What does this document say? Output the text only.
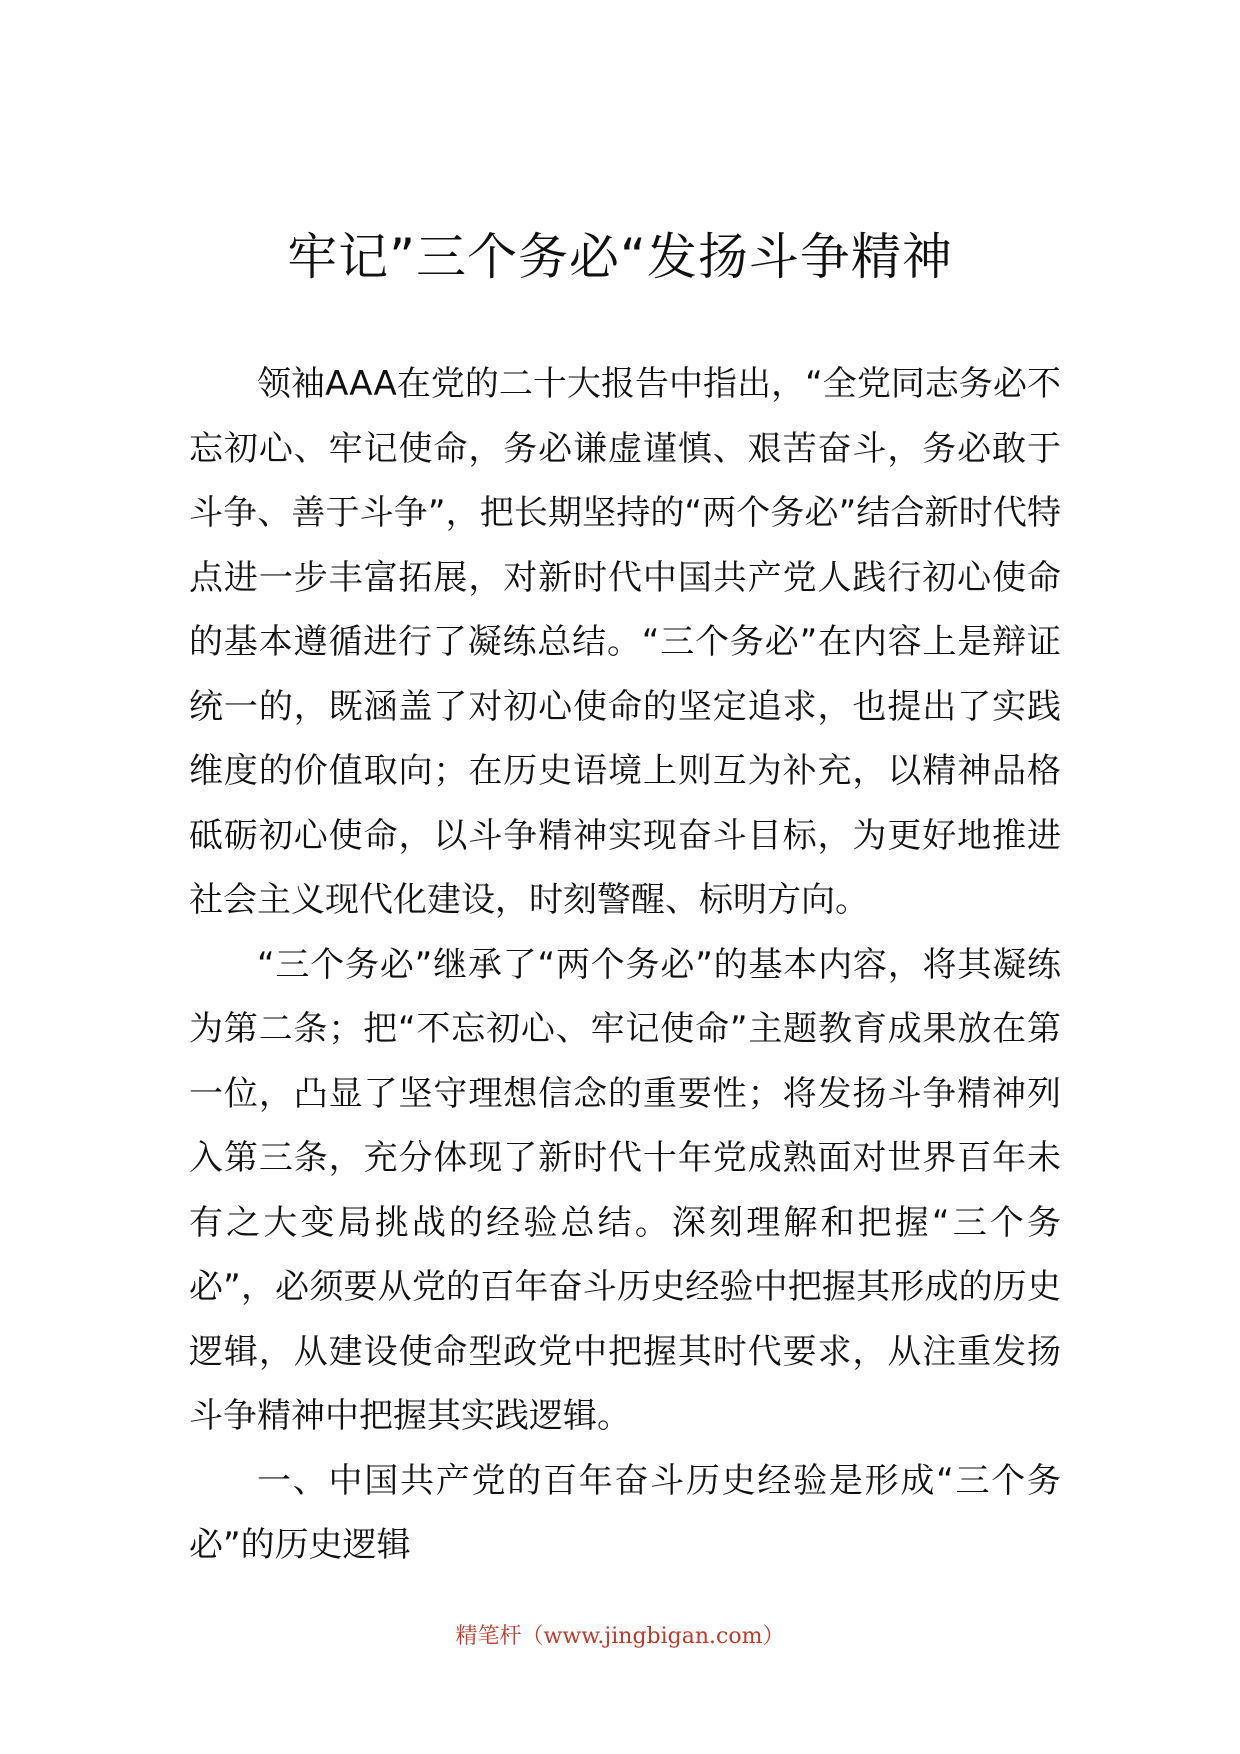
牢记”三个务必“发扬斗争精神

领袖AAA在党的二十大报告中指出，“全党同志务必不忘初心、牢记使命，务必谦虚谨慎、艰苦奋斗，务必敢于斗争、善于斗争”，把长期坚持的“两个务必”结合新时代特点进一步丰富拓展，对新时代中国共产党人践行初心使命的基本遵循进行了凝练总结。“三个务必”在内容上是辩证统一的，既涵盖了对初心使命的坚定追求，也提出了实践维度的价值取向；在历史语境上则互为补充，以精神品格砥砺初心使命，以斗争精神实现奋斗目标，为更好地推进社会主义现代化建设，时刻警醒、标明方向。

“三个务必”继承了“两个务必”的基本内容，将其凝练为第二条；把“不忘初心、牢记使命”主题教育成果放在第一位，凸显了坚守理想信念的重要性；将发扬斗争精神列入第三条，充分体现了新时代十年党成熟面对世界百年未有之大变局挑战的经验总结。深刻理解和把握“三个务必”，必须要从党的百年奋斗历史经验中把握其形成的历史逻辑，从建设使命型政党中把握其时代要求，从注重发扬斗争精神中把握其实践逻辑。

一、中国共产党的百年奋斗历史经验是形成“三个务必”的历史逻辑

精笔杆（www.jingbigan.com）
